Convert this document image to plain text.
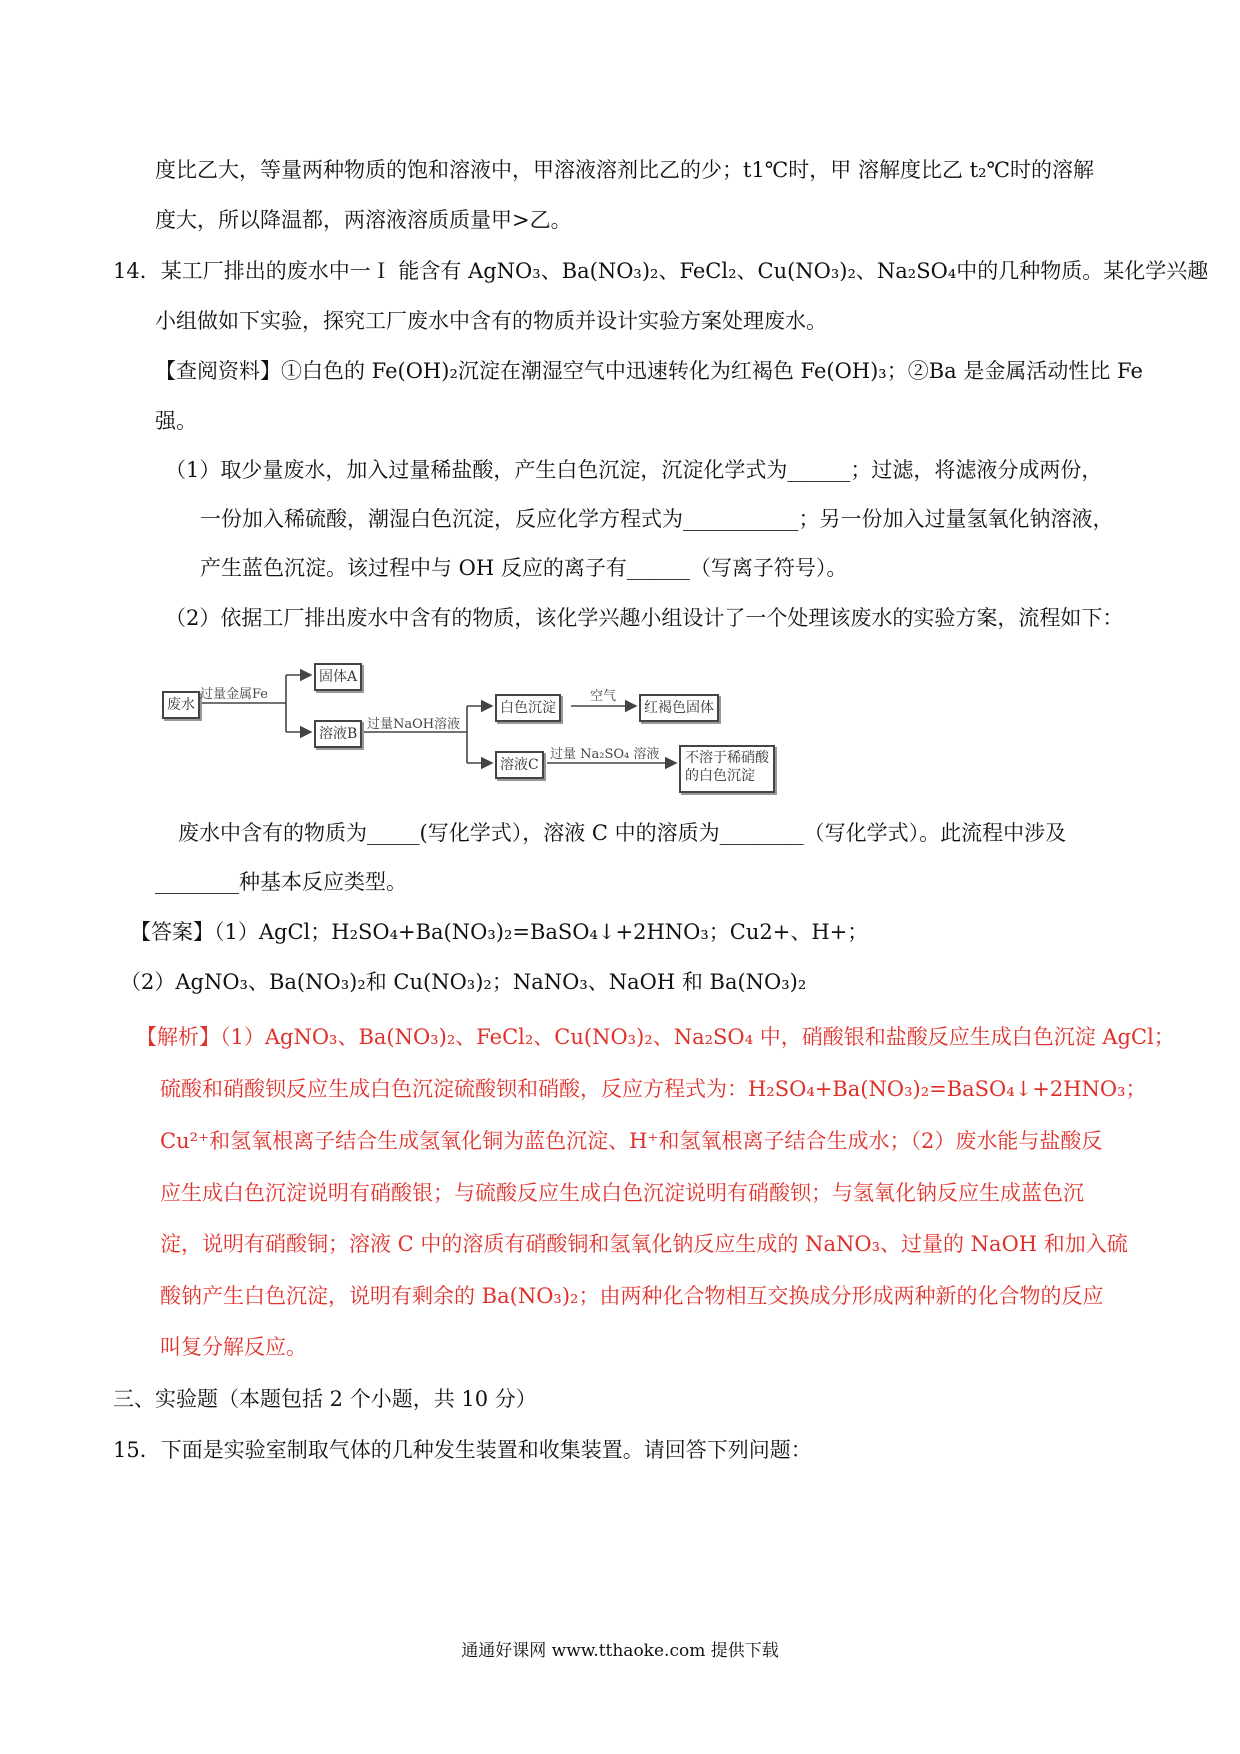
度比乙大，等量两种物质的饱和溶液中，甲溶液溶剂比乙的少；t1℃时，甲 溶解度比乙 t₂℃时的溶解
度大，所以降温都，两溶液溶质质量甲>乙。
14．某工厂排出的废水中一Ｉ 能含有 AgNO₃、Ba(NO₃)₂、FeCl₂、Cu(NO₃)₂、Na₂SO₄中的几种物质。某化学兴趣
小组做如下实验，探究工厂废水中含有的物质并设计实验方案处理废水。
【查阅资料】①白色的 Fe(OH)₂沉淀在潮湿空气中迅速转化为红褐色 Fe(OH)₃；②Ba 是金属活动性比 Fe
强。
（1）取少量废水，加入过量稀盐酸，产生白色沉淀，沉淀化学式为______；过滤，将滤液分成两份，
一份加入稀硫酸，潮湿白色沉淀，反应化学方程式为___________；另一份加入过量氢氧化钠溶液，
产生蓝色沉淀。该过程中与 OH 反应的离子有______（写离子符号）。
（2）依据工厂排出废水中含有的物质，该化学兴趣小组设计了一个处理该废水的实验方案，流程如下：
废水
过量金属Fe
固体A
溶液B
过量NaOH溶液
白色沉淀
空气
红褐色固体
溶液C
过量 Na₂SO₄ 溶液 不溶于稀硝酸
的白色沉淀
废水中含有的物质为_____(写化学式），溶液 C 中的溶质为________（写化学式）。此流程中涉及
________种基本反应类型。
【答案】（1）AgCl；H₂SO₄+Ba(NO₃)₂=BaSO₄↓+2HNO₃；Cu2+、H+；
（2）AgNO₃、Ba(NO₃)₂和 Cu(NO₃)₂；NaNO₃、NaOH 和 Ba(NO₃)₂
【解析】（1）AgNO₃、Ba(NO₃)₂、FeCl₂、Cu(NO₃)₂、Na₂SO₄ 中，硝酸银和盐酸反应生成白色沉淀 AgCl；
硫酸和硝酸钡反应生成白色沉淀硫酸钡和硝酸，反应方程式为：H₂SO₄+Ba(NO₃)₂=BaSO₄↓+2HNO₃；
Cu²⁺和氢氧根离子结合生成氢氧化铜为蓝色沉淀、H⁺和氢氧根离子结合生成水；（2）废水能与盐酸反
应生成白色沉淀说明有硝酸银；与硫酸反应生成白色沉淀说明有硝酸钡；与氢氧化钠反应生成蓝色沉
淀，说明有硝酸铜；溶液 C 中的溶质有硝酸铜和氢氧化钠反应生成的 NaNO₃、过量的 NaOH 和加入硫
酸钠产生白色沉淀，说明有剩余的 Ba(NO₃)₂；由两种化合物相互交换成分形成两种新的化合物的反应
叫复分解反应。
三、实验题（本题包括 2 个小题，共 10 分）
15．下面是实验室制取气体的几种发生装置和收集装置。请回答下列问题：
通通好课网 www.tthaoke.com 提供下载
